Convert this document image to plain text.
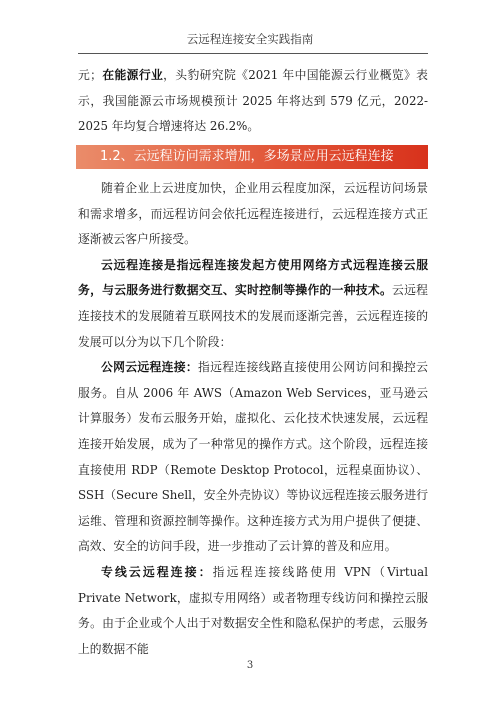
云远程连接安全实践指南

元；在能源行业，头豹研究院《2021 年中国能源云行业概览》表示，我国能源云市场规模预计 2025 年将达到 579 亿元，2022-2025 年均复合增速将达 26.2%。

1.2、云远程访问需求增加，多场景应用云远程连接

随着企业上云进度加快，企业用云程度加深，云远程访问场景和需求增多，而远程访问会依托远程连接进行，云远程连接方式正逐渐被云客户所接受。

云远程连接是指远程连接发起方使用网络方式远程连接云服务，与云服务进行数据交互、实时控制等操作的一种技术。云远程连接技术的发展随着互联网技术的发展而逐渐完善，云远程连接的发展可以分为以下几个阶段：

公网云远程连接：指远程连接线路直接使用公网访问和操控云服务。自从 2006 年 AWS（Amazon Web Services，亚马逊云计算服务）发布云服务开始，虚拟化、云化技术快速发展，云远程连接开始发展，成为了一种常见的操作方式。这个阶段，远程连接直接使用 RDP（Remote Desktop Protocol，远程桌面协议）、SSH（Secure Shell，安全外壳协议）等协议远程连接云服务进行运维、管理和资源控制等操作。这种连接方式为用户提供了便捷、高效、安全的访问手段，进一步推动了云计算的普及和应用。

专线云远程连接：指远程连接线路使用 VPN（Virtual Private Network，虚拟专用网络）或者物理专线访问和操控云服务。由于企业或个人出于对数据安全性和隐私保护的考虑，云服务上的数据不能

3
